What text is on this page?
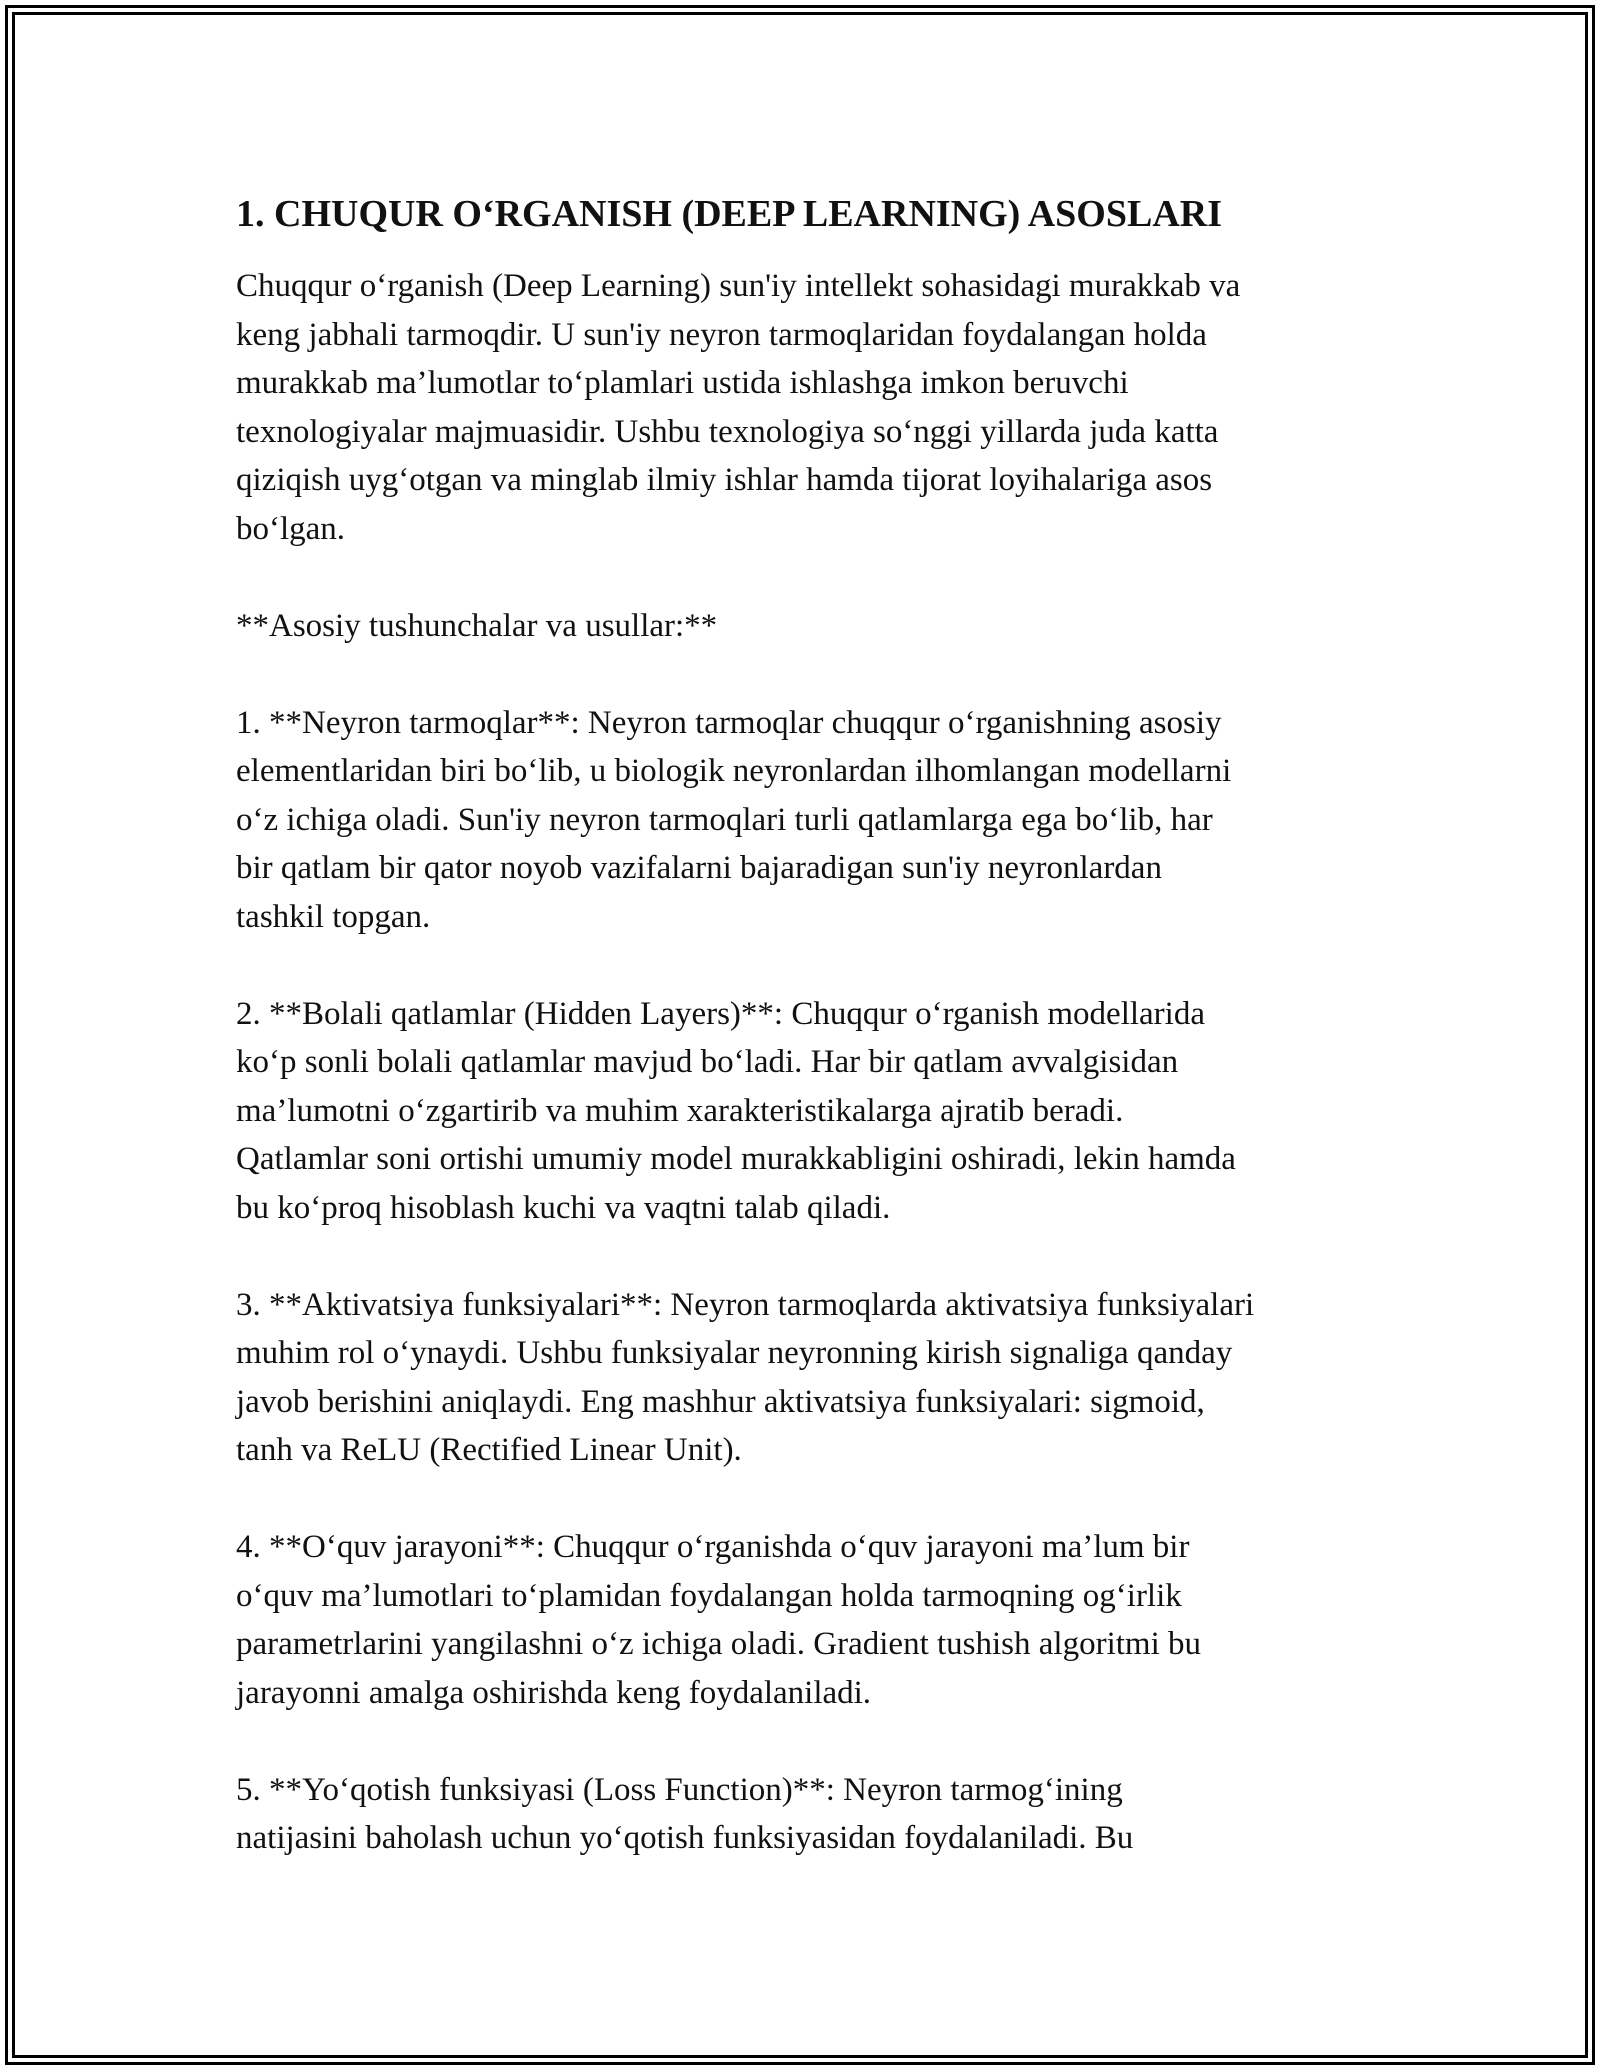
1. CHUQUR O‘RGANISH (DEEP LEARNING) ASOSLARI

Chuqqur o‘rganish (Deep Learning) sun'iy intellekt sohasidagi murakkab va
keng jabhali tarmoqdir. U sun'iy neyron tarmoqlaridan foydalangan holda
murakkab ma’lumotlar to‘plamlari ustida ishlashga imkon beruvchi
texnologiyalar majmuasidir. Ushbu texnologiya so‘nggi yillarda juda katta
qiziqish uyg‘otgan va minglab ilmiy ishlar hamda tijorat loyihalariga asos
bo‘lgan.

**Asosiy tushunchalar va usullar:**

1. **Neyron tarmoqlar**: Neyron tarmoqlar chuqqur o‘rganishning asosiy
elementlaridan biri bo‘lib, u biologik neyronlardan ilhomlangan modellarni
o‘z ichiga oladi. Sun'iy neyron tarmoqlari turli qatlamlarga ega bo‘lib, har
bir qatlam bir qator noyob vazifalarni bajaradigan sun'iy neyronlardan
tashkil topgan.

2. **Bolali qatlamlar (Hidden Layers)**: Chuqqur o‘rganish modellarida
ko‘p sonli bolali qatlamlar mavjud bo‘ladi. Har bir qatlam avvalgisidan
ma’lumotni o‘zgartirib va muhim xarakteristikalarga ajratib beradi.
Qatlamlar soni ortishi umumiy model murakkabligini oshiradi, lekin hamda
bu ko‘proq hisoblash kuchi va vaqtni talab qiladi.

3. **Aktivatsiya funksiyalari**: Neyron tarmoqlarda aktivatsiya funksiyalari
muhim rol o‘ynaydi. Ushbu funksiyalar neyronning kirish signaliga qanday
javob berishini aniqlaydi. Eng mashhur aktivatsiya funksiyalari: sigmoid,
tanh va ReLU (Rectified Linear Unit).

4. **O‘quv jarayoni**: Chuqqur o‘rganishda o‘quv jarayoni ma’lum bir
o‘quv ma’lumotlari to‘plamidan foydalangan holda tarmoqning og‘irlik
parametrlarini yangilashni o‘z ichiga oladi. Gradient tushish algoritmi bu
jarayonni amalga oshirishda keng foydalaniladi.

5. **Yo‘qotish funksiyasi (Loss Function)**: Neyron tarmog‘ining
natijasini baholash uchun yo‘qotish funksiyasidan foydalaniladi. Bu
